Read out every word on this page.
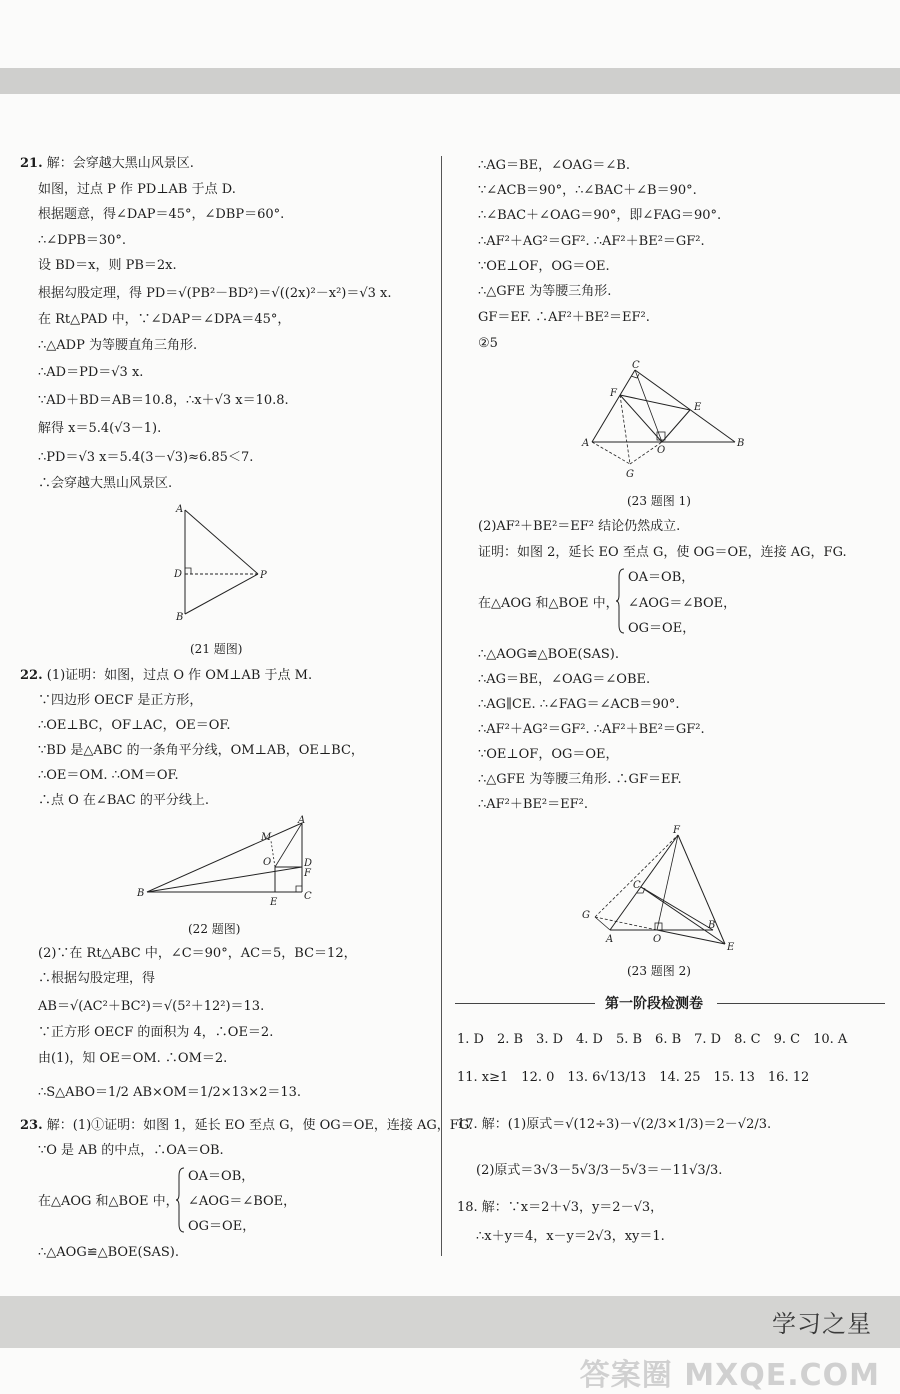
21. 解：会穿越大黑山风景区.
如图，过点 P 作 PD⊥AB 于点 D.
根据题意，得∠DAP＝45°，∠DBP＝60°.
∴∠DPB＝30°.
设 BD＝x，则 PB＝2x.
根据勾股定理，得 PD＝√(PB²－BD²)＝√((2x)²－x²)＝√3 x.
在 Rt△PAD 中，∵∠DAP＝∠DPA＝45°，
∴△ADP 为等腰直角三角形.
∴AD＝PD＝√3 x.
∵AD＋BD＝AB＝10.8，∴x＋√3 x＝10.8.
解得 x＝5.4(√3－1).
∴PD＝√3 x＝5.4(3－√3)≈6.85＜7.
∴会穿越大黑山风景区.
A
D	P
B
(21 题图)
22. (1)证明：如图，过点 O 作 OM⊥AB 于点 M.
∵四边形 OECF 是正方形，
∴OE⊥BC，OF⊥AC，OE＝OF.
∵BD 是△ABC 的一条角平分线，OM⊥AB，OE⊥BC，
∴OE＝OM. ∴OM＝OF.
∴点 O 在∠BAC 的平分线上.
M
A
O	D
F
B
E
C
(22 题图)
(2)∵在 Rt△ABC 中，∠C＝90°，AC＝5，BC＝12，
∴根据勾股定理，得
AB＝√(AC²＋BC²)＝√(5²＋12²)＝13.
∵正方形 OECF 的面积为 4，∴OE＝2.
由(1)，知 OE＝OM. ∴OM＝2.
∴S△ABO＝1/2 AB×OM＝1/2×13×2＝13.
23. 解：(1)①证明：如图 1，延长 EO 至点 G，使 OG＝OE，连接 AG，FG.
∵O 是 AB 的中点，∴OA＝OB.
OA＝OB，
在△AOG 和△BOE 中， ∠AOG＝∠BOE，
OG＝OE，
∴△AOG≌△BOE(SAS).
∴AG＝BE，∠OAG＝∠B.
∵∠ACB＝90°，∴∠BAC＋∠B＝90°.
∴∠BAC＋∠OAG＝90°，即∠FAG＝90°.
∴AF²＋AG²＝GF². ∴AF²＋BE²＝GF².
∵OE⊥OF，OG＝OE.
∴△GFE 为等腰三角形.
GF＝EF. ∴AF²＋BE²＝EF².
②5
C
F
E
A
O
B
G
(23 题图 1)
(2)AF²＋BE²＝EF² 结论仍然成立.
证明：如图 2，延长 EO 至点 G，使 OG＝OE，连接 AG，FG.
OA＝OB，
在△AOG 和△BOE 中， ∠AOG＝∠BOE，
OG＝OE，
∴△AOG≌△BOE(SAS).
∴AG＝BE，∠OAG＝∠OBE.
∴AG∥CE. ∴∠FAG＝∠ACB＝90°.
∴AF²＋AG²＝GF². ∴AF²＋BE²＝GF².
∵OE⊥OF，OG＝OE，
∴△GFE 为等腰三角形. ∴GF＝EF.
∴AF²＋BE²＝EF².
F
C
G
A	O
B
E
(23 题图 2)
第一阶段检测卷
1. D　2. B　3. D　4. D　5. B　6. B　7. D　8. C　9. C　10. A
11. x≥1　12. 0　13. 6√13/13　14. 25　15. 13　16. 12
17. 解：(1)原式＝√(12÷3)－√(2/3×1/3)＝2－√2/3.
(2)原式＝3√3－5√3/3－5√3＝－11√3/3.
18. 解：∵x＝2＋√3，y＝2－√3，
∴x＋y＝4，x－y＝2√3，xy＝1.
学习之星
答案圈 MXQE.COM
